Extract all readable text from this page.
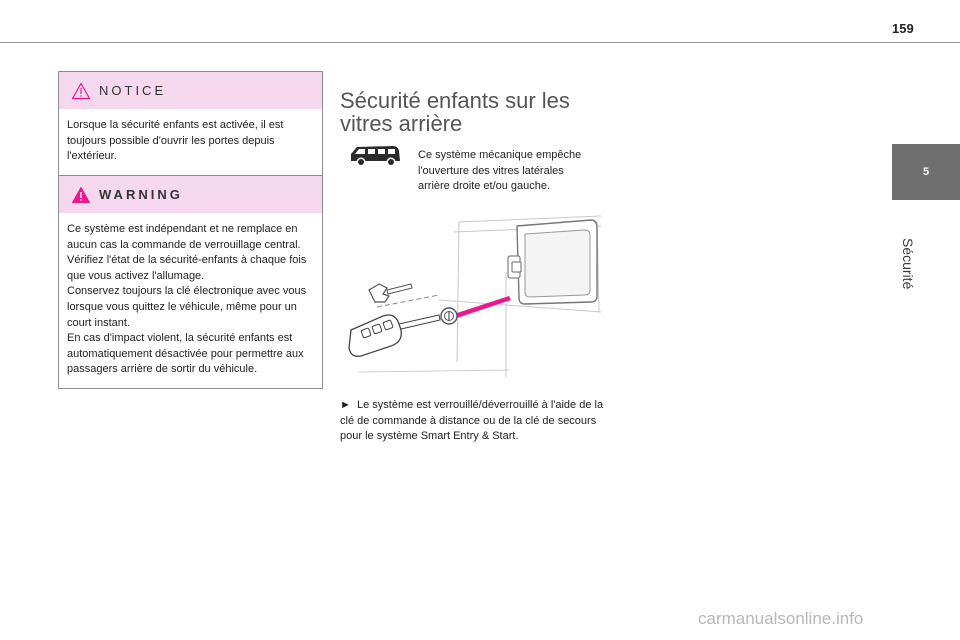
159
5
Sécurité
NOTICE

Lorsque la sécurité enfants est activée, il est toujours possible d'ouvrir les portes depuis l'extérieur.

WARNING

Ce système est indépendant et ne remplace en aucun cas la commande de verrouillage central.

Vérifiez l'état de la sécurité-enfants à chaque fois que vous activez l'allumage.

Conservez toujours la clé électronique avec vous lorsque vous quittez le véhicule, même pour un court instant.

En cas d'impact violent, la sécurité enfants est automatiquement désactivée pour permettre aux passagers arrière de sortir du véhicule.

Sécurité enfants sur les vitres arrière

Ce système mécanique empêche l'ouverture des vitres latérales arrière droite et/ou gauche.

► Le système est verrouillé/déverrouillé à l'aide de la clé de commande à distance ou de la clé de secours pour le système Smart Entry & Start.

carmanualsonline.info
